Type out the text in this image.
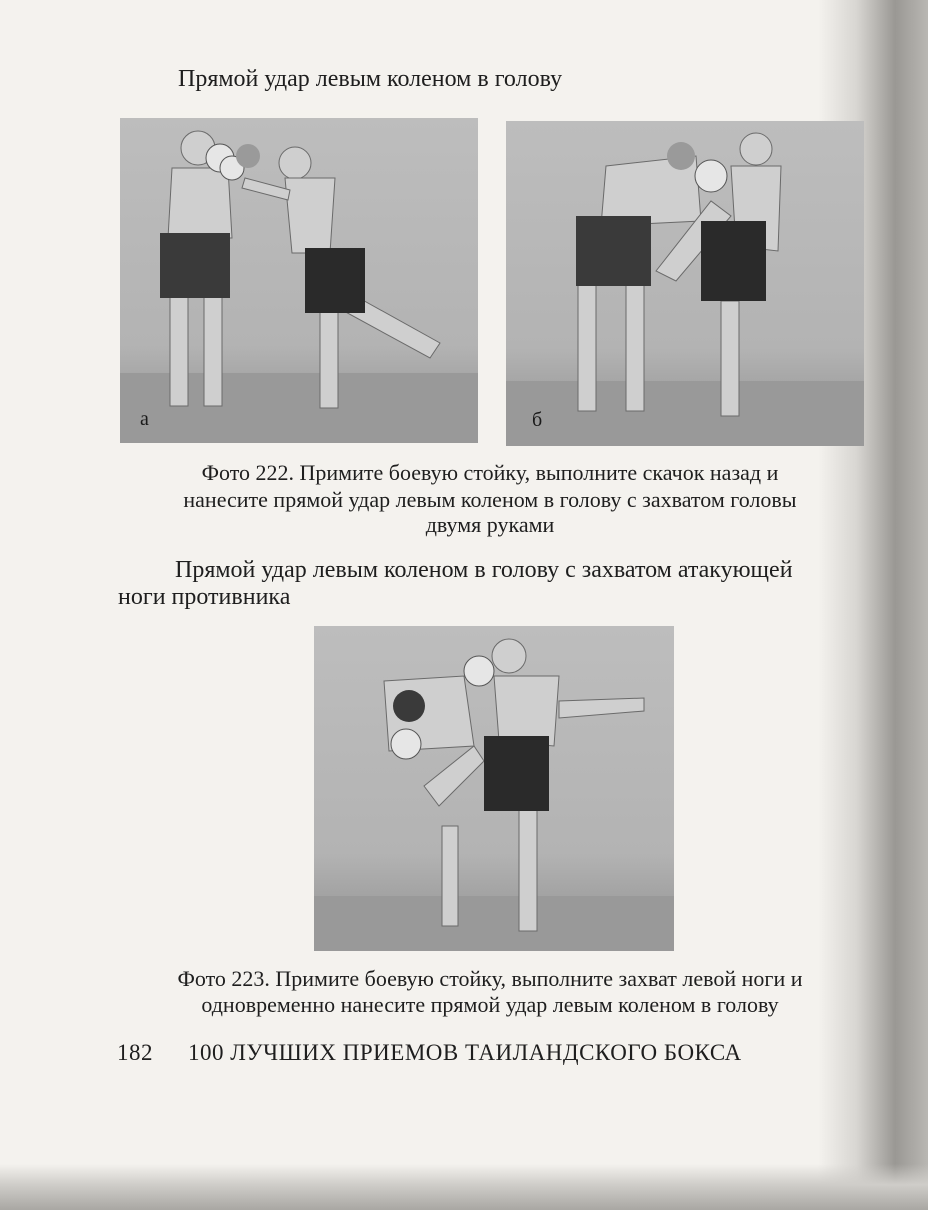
Прямой удар левым коленом в голову
а	б
Фото 222. Примите боевую стойку, выполните скачок назад и
нанесите прямой удар левым коленом в голову с захватом головы
двумя руками
Прямой удар левым коленом в голову с захватом атакующей
ноги противника
Фото 223. Примите боевую стойку, выполните захват левой ноги и
одновременно нанесите прямой удар левым коленом в голову
182 100 ЛУЧШИХ ПРИЕМОВ ТАИЛАНДСКОГО БОКСА
